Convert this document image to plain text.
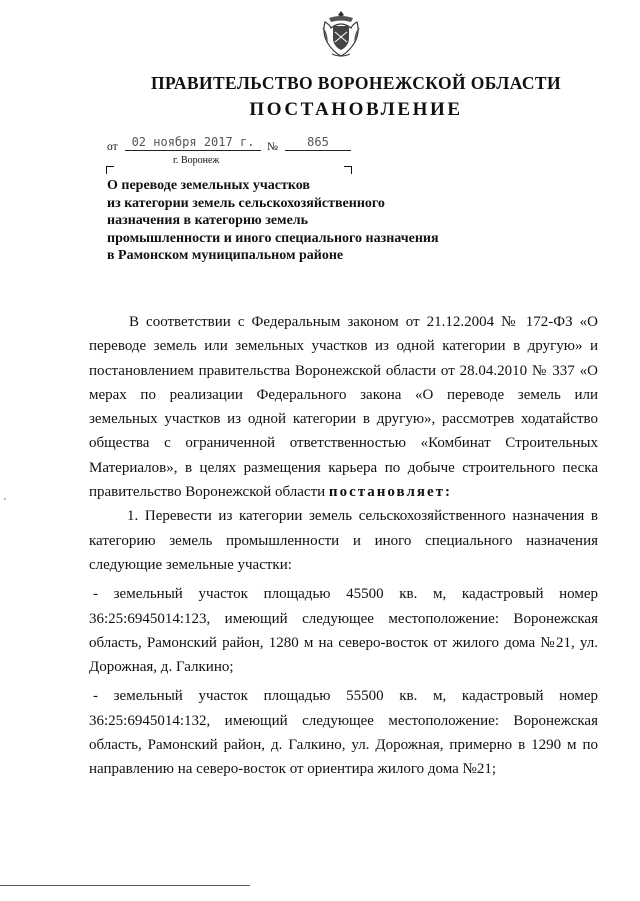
ПРАВИТЕЛЬСТВО ВОРОНЕЖСКОЙ ОБЛАСТИ
ПОСТАНОВЛЕНИЕ
от	02 ноября 2017 г.	№	865
г. Воронеж
О переводе земельных участков
из категории земель сельскохозяйственного
назначения в категорию земель
промышленности и иного специального назначения
в Рамонском муниципальном районе
В соответствии с Федеральным законом от 21.12.2004 № 172-ФЗ «О
переводе земель или земельных участков из одной категории в другую» и
постановлением правительства Воронежской области от 28.04.2010 № 337 «О
мерах по реализации Федерального закона «О переводе земель или
земельных участков из одной категории в другую», рассмотрев ходатайство
общества с ограниченной ответственностью «Комбинат Строительных
Материалов», в целях размещения карьера по добыче строительного песка
правительство Воронежской области постановляет:
1. Перевести из категории земель сельскохозяйственного назначения в
категорию земель промышленности и иного специального назначения
следующие земельные участки:
- земельный участок площадью 45500 кв. м, кадастровый номер
36:25:6945014:123, имеющий следующее местоположение: Воронежская
область, Рамонский район, 1280 м на северо-восток от жилого дома №21, ул.
Дорожная, д. Галкино;
- земельный участок площадью 55500 кв. м, кадастровый номер
36:25:6945014:132, имеющий следующее местоположение: Воронежская
область, Рамонский район, д. Галкино, ул. Дорожная, примерно в 1290 м по
направлению на северо-восток от ориентира жилого дома №21;
